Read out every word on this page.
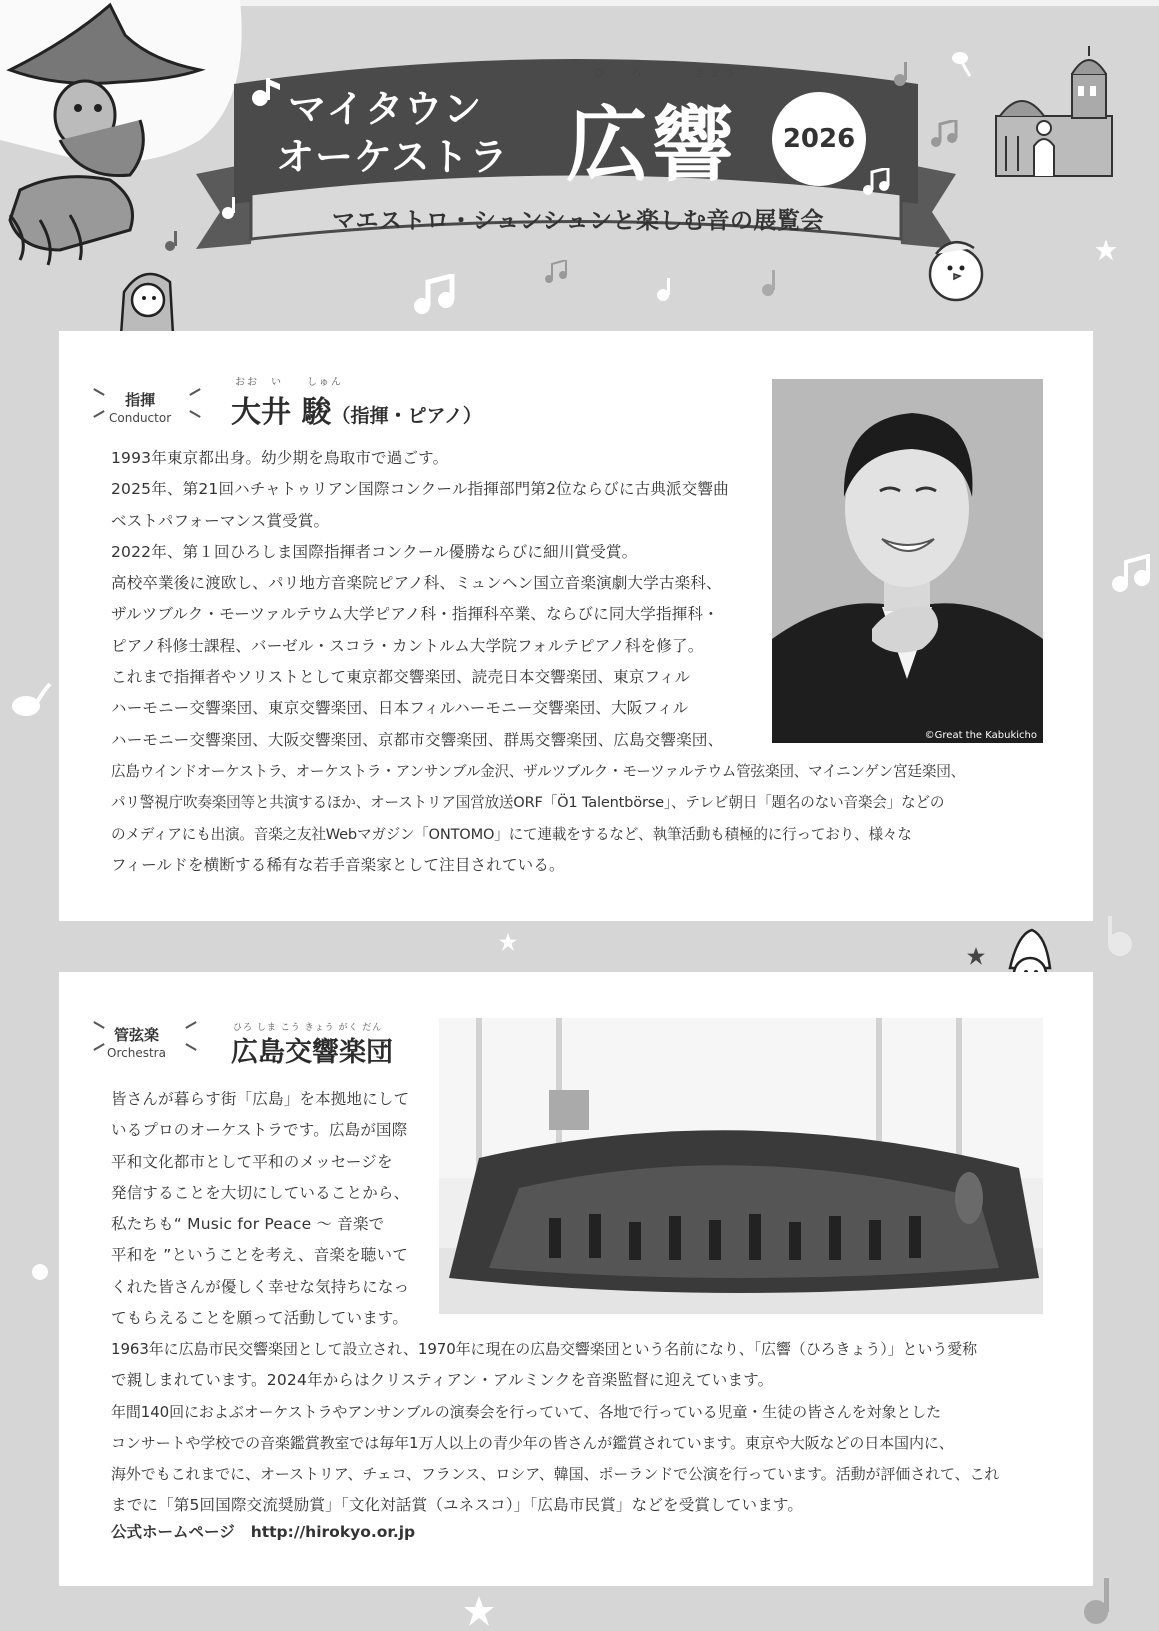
マイタウン
オーケストラ
ひろ きょう
広響	2026
マエストロ・シュンシュンと楽しむ音の展覧会
指揮
Conductor
おお　い　　しゅん
大井 駿（指揮・ピアノ）

1993年東京都出身。幼少期を鳥取市で過ごす。

2025年、第21回ハチャトゥリアン国際コンクール指揮部門第2位ならびに古典派交響曲

ベストパフォーマンス賞受賞。

2022年、第１回ひろしま国際指揮者コンクール優勝ならびに細川賞受賞。

高校卒業後に渡欧し、パリ地方音楽院ピアノ科、ミュンヘン国立音楽演劇大学古楽科、

ザルツブルク・モーツァルテウム大学ピアノ科・指揮科卒業、ならびに同大学指揮科・

ピアノ科修士課程、バーゼル・スコラ・カントルム大学院フォルテピアノ科を修了。

これまで指揮者やソリストとして東京都交響楽団、読売日本交響楽団、東京フィル

ハーモニー交響楽団、東京交響楽団、日本フィルハーモニー交響楽団、大阪フィル

ハーモニー交響楽団、大阪交響楽団、京都市交響楽団、群馬交響楽団、広島交響楽団、

広島ウインドオーケストラ、オーケストラ・アンサンブル金沢、ザルツブルク・モーツァルテウム管弦楽団、マイニンゲン宮廷楽団、

パリ警視庁吹奏楽団等と共演するほか、オーストリア国営放送ORF「Ö1 Talentbörse」、テレビ朝日「題名のない音楽会」などの

のメディアにも出演。音楽之友社Webマガジン「ONTOMO」にて連載をするなど、執筆活動も積極的に行っており、様々な

フィールドを横断する稀有な若手音楽家として注目されている。

©Great the Kabukicho
管弦楽
Orchestra
ひろ しま こう きょう がく だん
広島交響楽団

皆さんが暮らす街「広島」を本拠地にして

いるプロのオーケストラです。広島が国際

平和文化都市として平和のメッセージを

発信することを大切にしていることから、

私たちも“ Music for Peace 〜 音楽で

平和を ”ということを考え、音楽を聴いて

くれた皆さんが優しく幸せな気持ちになっ

てもらえることを願って活動しています。

1963年に広島市民交響楽団として設立され、1970年に現在の広島交響楽団という名前になり、「広響（ひろきょう）」という愛称

で親しまれています。2024年からはクリスティアン・アルミンクを音楽監督に迎えています。

年間140回におよぶオーケストラやアンサンブルの演奏会を行っていて、各地で行っている児童・生徒の皆さんを対象とした

コンサートや学校での音楽鑑賞教室では毎年1万人以上の青少年の皆さんが鑑賞されています。東京や大阪などの日本国内に、

海外でもこれまでに、オーストリア、チェコ、フランス、ロシア、韓国、ポーランドで公演を行っています。活動が評価されて、これ

までに「第5回国際交流奨励賞」「文化対話賞（ユネスコ）」「広島市民賞」などを受賞しています。

公式ホームページ http://hirokyo.or.jp
